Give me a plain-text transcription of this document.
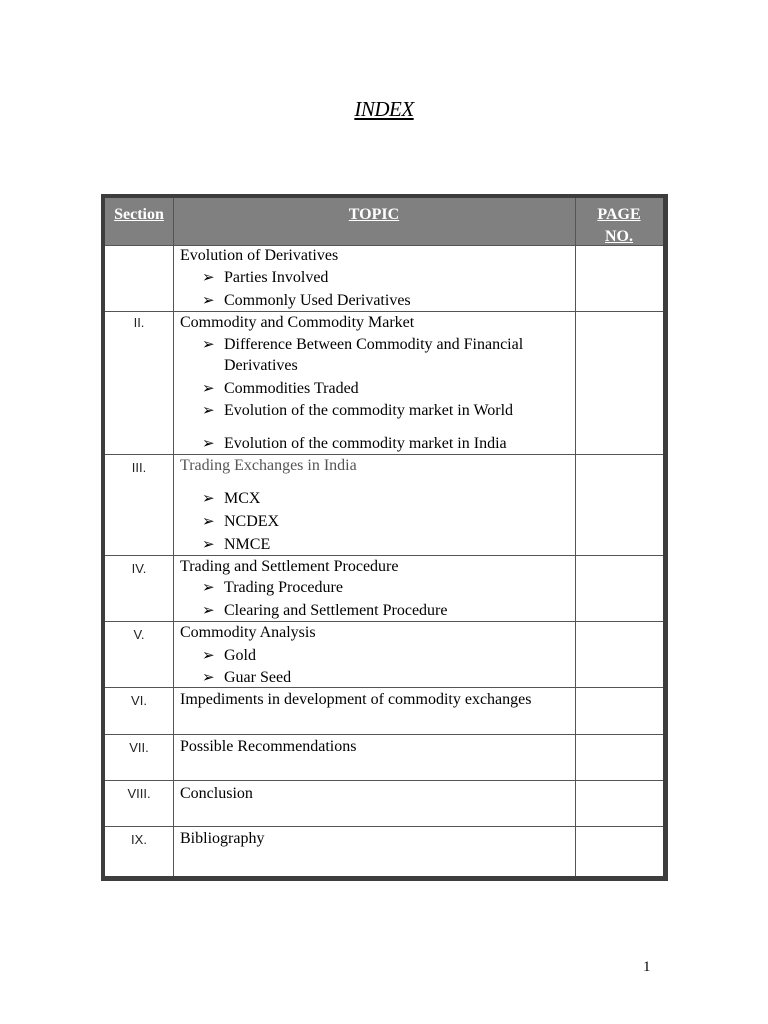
INDEX
Section	TOPIC	PAGE
NO.
Evolution of Derivatives
➢ Parties Involved
➢ Commonly Used Derivatives
II.	Commodity and Commodity Market
➢ Difference Between Commodity and Financial
Derivatives
➢ Commodities Traded
➢ Evolution of the commodity market in World
➢ Evolution of the commodity market in India
III.	Trading Exchanges in India
➢ MCX
➢ NCDEX
➢ NMCE
IV.	Trading and Settlement Procedure
➢ Trading Procedure
➢ Clearing and Settlement Procedure
V.	Commodity Analysis
➢ Gold
➢ Guar Seed
VI.	Impediments in development of commodity exchanges
VII.	Possible Recommendations
VIII.	Conclusion
IX.	Bibliography
1
